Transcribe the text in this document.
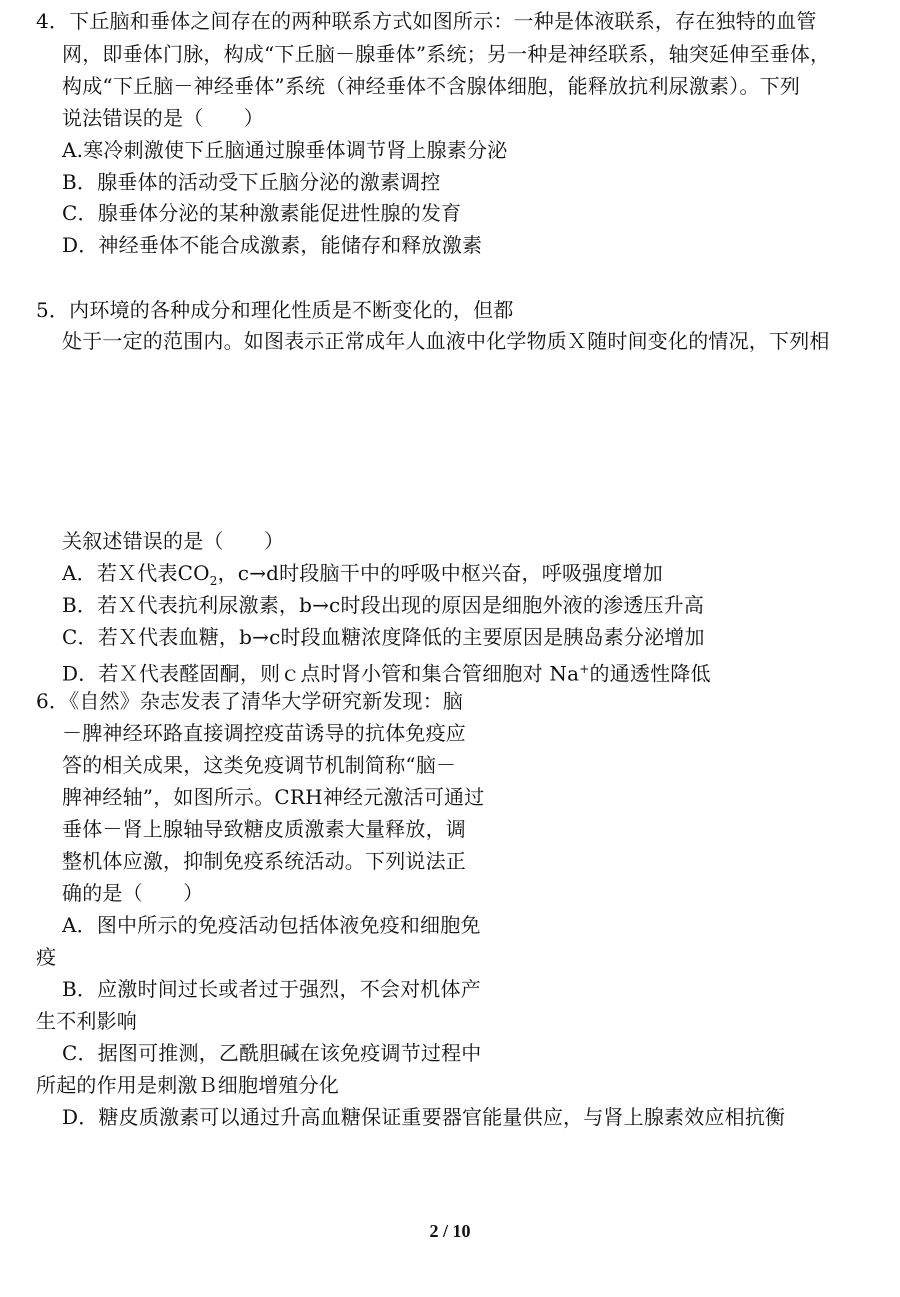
4．下丘脑和垂体之间存在的两种联系方式如图所示：一种是体液联系，存在独特的血管
网，即垂体门脉，构成“下丘脑－腺垂体”系统；另一种是神经联系，轴突延伸至垂体，
构成“下丘脑－神经垂体”系统（神经垂体不含腺体细胞，能释放抗利尿激素）。下列
说法错误的是（　　）
A.寒冷刺激使下丘脑通过腺垂体调节肾上腺素分泌
B．腺垂体的活动受下丘脑分泌的激素调控
C．腺垂体分泌的某种激素能促进性腺的发育
D．神经垂体不能合成激素，能储存和释放激素
5．内环境的各种成分和理化性质是不断变化的，但都
处于一定的范围内。如图表示正常成年人血液中化学物质Ｘ随时间变化的情况，下列相
关叙述错误的是（　　）
A．若Ｘ代表$CO_2$，c→d时段脑干中的呼吸中枢兴奋，呼吸强度增加
B．若Ｘ代表抗利尿激素，b→c时段出现的原因是细胞外液的渗透压升高
C．若Ｘ代表血糖，b→c时段血糖浓度降低的主要原因是胰岛素分泌增加
D．若Ｘ代表醛固酮，则ｃ点时肾小管和集合管细胞对 Na+的通透性降低
6．《自然》杂志发表了清华大学研究新发现：脑
－脾神经环路直接调控疫苗诱导的抗体免疫应
答的相关成果，这类免疫调节机制简称“脑－
脾神经轴”，如图所示。CRH神经元激活可通过
垂体－肾上腺轴导致糖皮质激素大量释放，调
整机体应激，抑制免疫系统活动。下列说法正
确的是（　　）
A．图中所示的免疫活动包括体液免疫和细胞免
疫
B．应激时间过长或者过于强烈，不会对机体产
生不利影响
C．据图可推测，乙酰胆碱在该免疫调节过程中
所起的作用是刺激Ｂ细胞增殖分化
D．糖皮质激素可以通过升高血糖保证重要器官能量供应，与肾上腺素效应相抗衡
2 / 10
